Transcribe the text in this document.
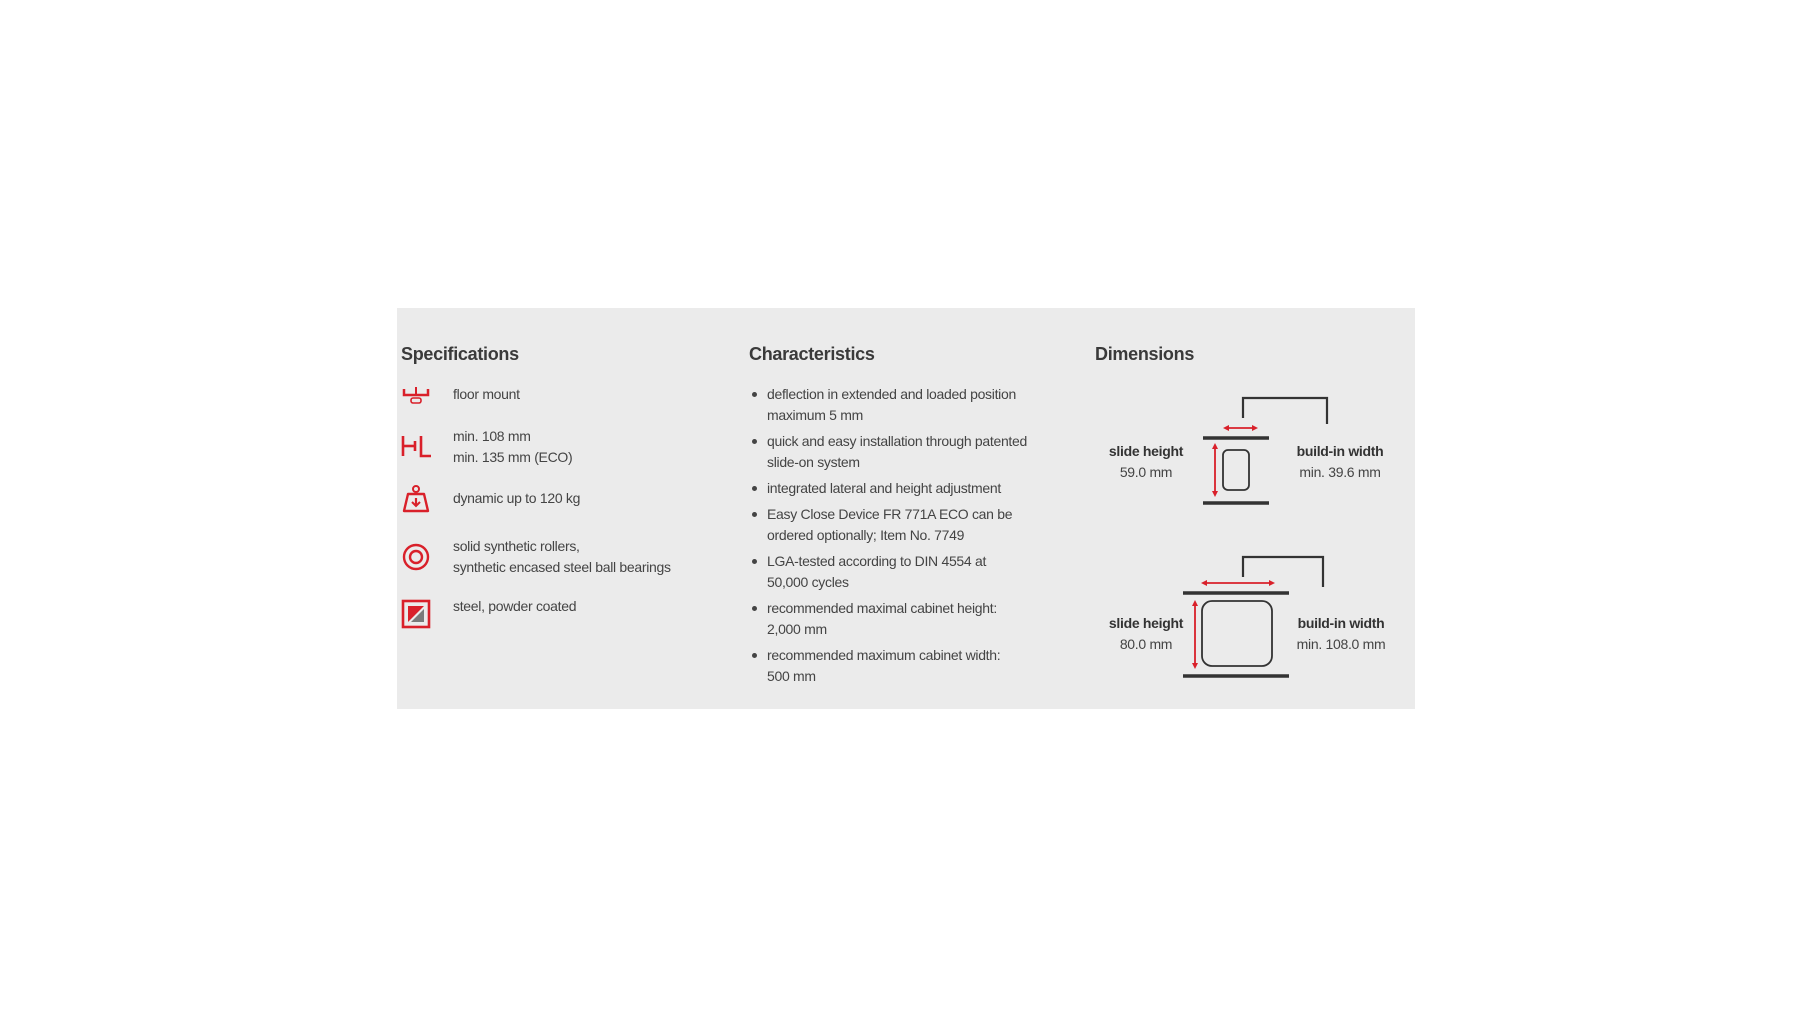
Specifications
floor mount
min. 108 mm
min. 135 mm (ECO)
dynamic up to 120 kg
solid synthetic rollers,
synthetic encased steel ball bearings
steel, powder coated
Characteristics
deflection in extended and loaded position
maximum 5 mm
quick and easy installation through patented
slide-on system
integrated lateral and height adjustment
Easy Close Device FR 771A ECO can be
ordered optionally; Item No. 7749
LGA-tested according to DIN 4554 at
50,000 cycles
recommended maximal cabinet height:
2,000 mm
recommended maximum cabinet width:
500 mm
Dimensions
slide height
59.0 mm
build-in width
min. 39.6 mm
slide height
80.0 mm
build-in width
min. 108.0 mm
